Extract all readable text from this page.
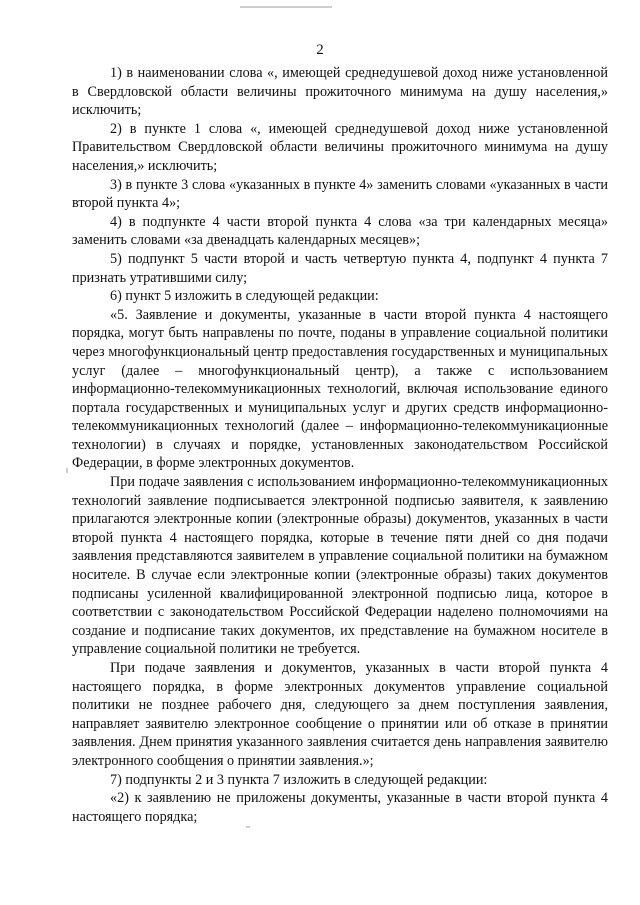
2

1) в наименовании слова «, имеющей среднедушевой доход ниже установленной в Свердловской области величины прожиточного минимума на душу населения,» исключить;

2) в пункте 1 слова «, имеющей среднедушевой доход ниже установленной Правительством Свердловской области величины прожиточного минимума на душу населения,» исключить;

3) в пункте 3 слова «указанных в пункте 4» заменить словами «указанных в части второй пункта 4»;

4) в подпункте 4 части второй пункта 4 слова «за три календарных месяца» заменить словами «за двенадцать календарных месяцев»;

5) подпункт 5 части второй и часть четвертую пункта 4, подпункт 4 пункта 7 признать утратившими силу;

6) пункт 5 изложить в следующей редакции:

«5. Заявление и документы, указанные в части второй пункта 4 настоящего порядка, могут быть направлены по почте, поданы в управление социальной политики через многофункциональный центр предоставления государственных и муниципальных услуг (далее – многофункциональный центр), а также с использованием информационно-телекоммуникационных технологий, включая использование единого портала государственных и муниципальных услуг и других средств информационно-телекоммуникационных технологий (далее – информационно-телекоммуникационные технологии) в случаях и порядке, установленных законодательством Российской Федерации, в форме электронных документов.

При подаче заявления с использованием информационно-телекоммуникационных технологий заявление подписывается электронной подписью заявителя, к заявлению прилагаются электронные копии (электронные образы) документов, указанных в части второй пункта 4 настоящего порядка, которые в течение пяти дней со дня подачи заявления представляются заявителем в управление социальной политики на бумажном носителе. В случае если электронные копии (электронные образы) таких документов подписаны усиленной квалифицированной электронной подписью лица, которое в соответствии с законодательством Российской Федерации наделено полномочиями на создание и подписание таких документов, их представление на бумажном носителе в управление социальной политики не требуется.

При подаче заявления и документов, указанных в части второй пункта 4 настоящего порядка, в форме электронных документов управление социальной политики не позднее рабочего дня, следующего за днем поступления заявления, направляет заявителю электронное сообщение о принятии или об отказе в принятии заявления. Днем принятия указанного заявления считается день направления заявителю электронного сообщения о принятии заявления.»;

7) подпункты 2 и 3 пункта 7 изложить в следующей редакции:

«2) к заявлению не приложены документы, указанные в части второй пункта 4 настоящего порядка;
